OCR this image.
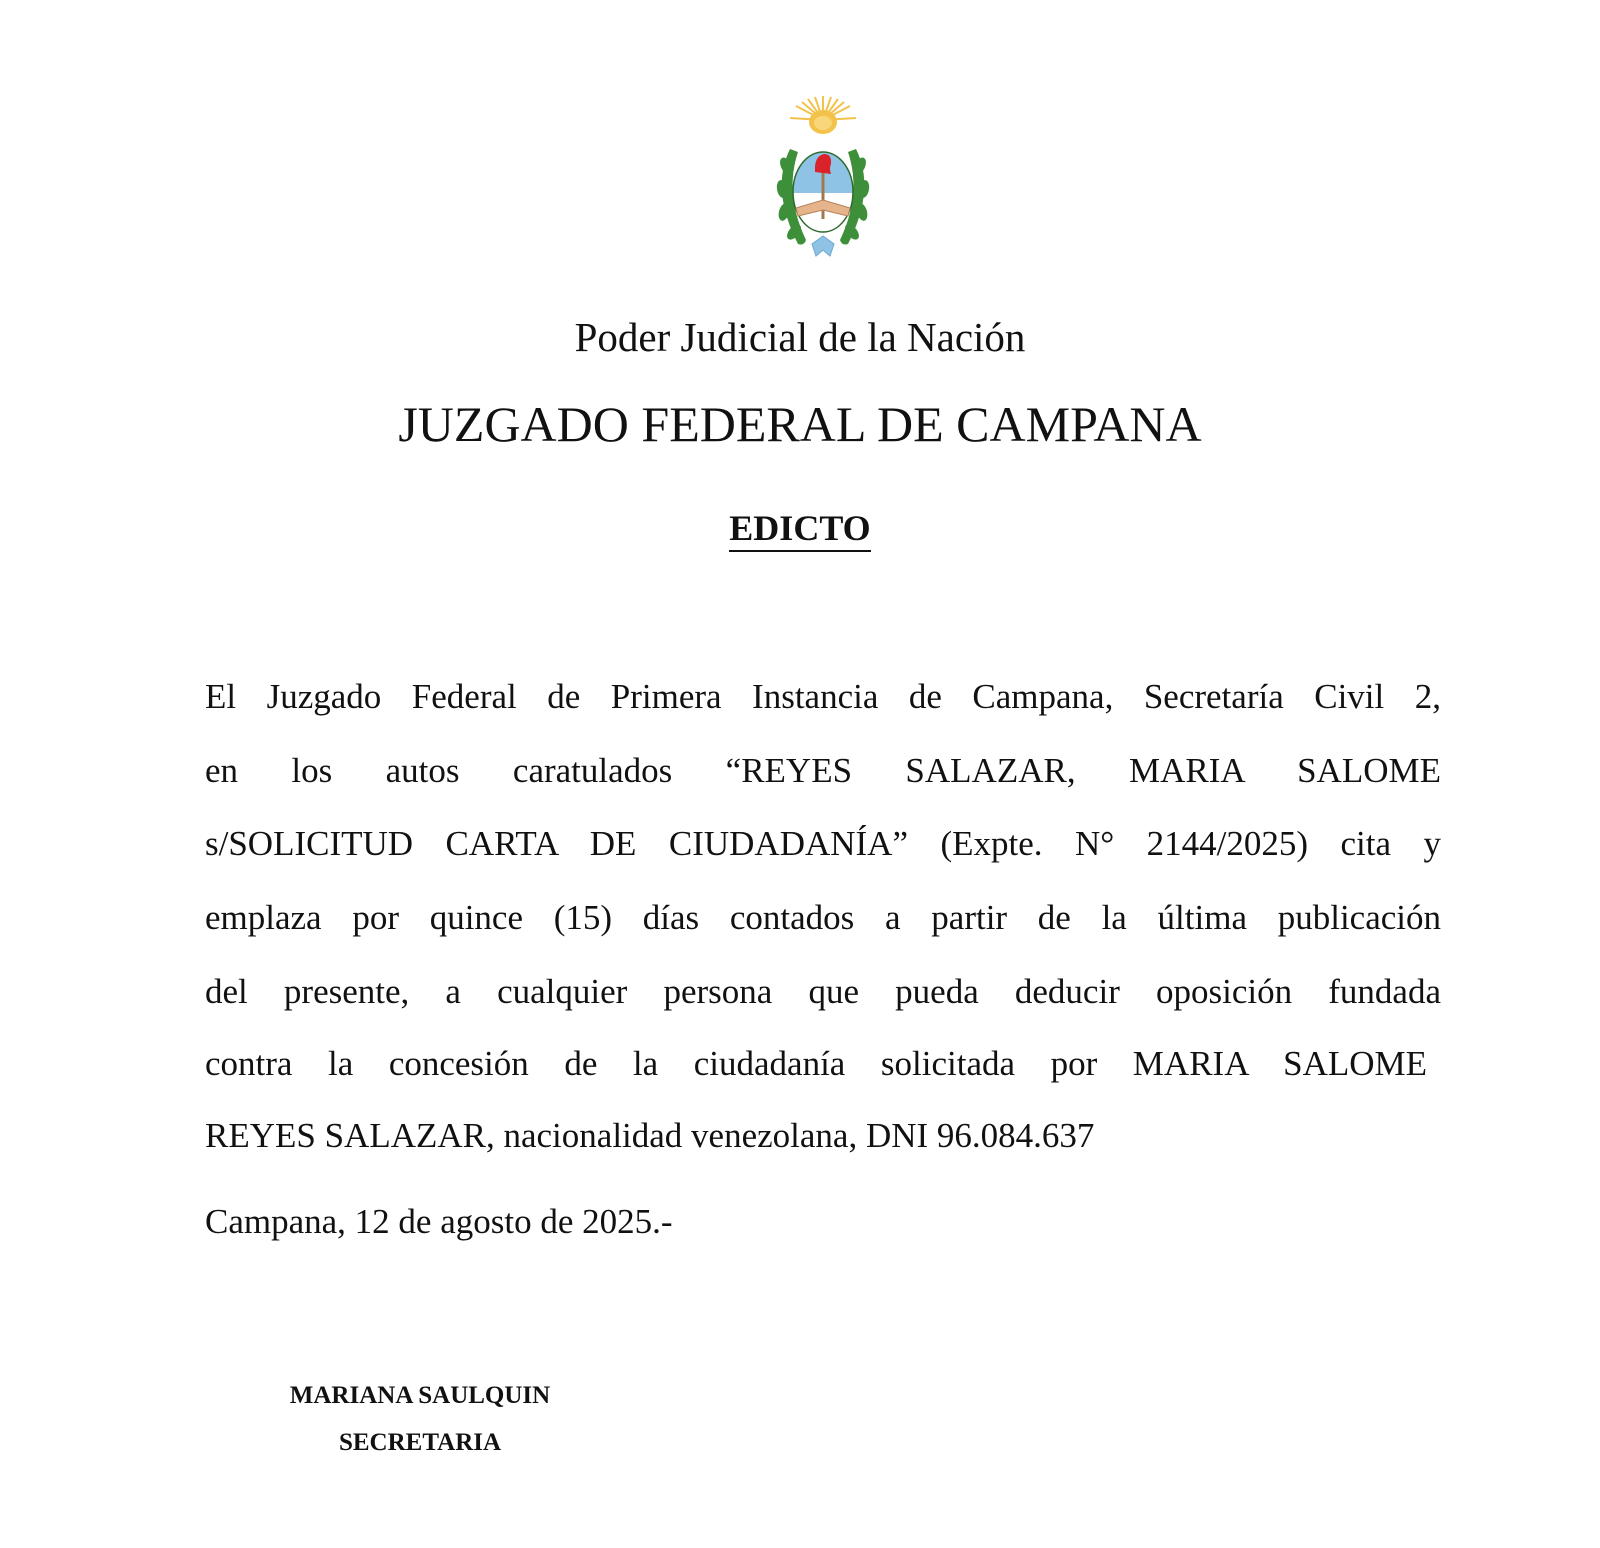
Poder Judicial de la Nación
JUZGADO FEDERAL DE CAMPANA
EDICTO
El Juzgado Federal de Primera Instancia de Campana, Secretaría Civil 2,
en los autos caratulados “REYES SALAZAR, MARIA SALOME
s/SOLICITUD CARTA DE CIUDADANÍA” (Expte. N° 2144/2025) cita y
emplaza por quince (15) días contados a partir de la última publicación
del presente, a cualquier persona que pueda deducir oposición fundada
contra la concesión de la ciudadanía solicitada por MARIA SALOME
REYES SALAZAR, nacionalidad venezolana, DNI 96.084.637
Campana, 12 de agosto de 2025.-
MARIANA SAULQUIN
SECRETARIA
